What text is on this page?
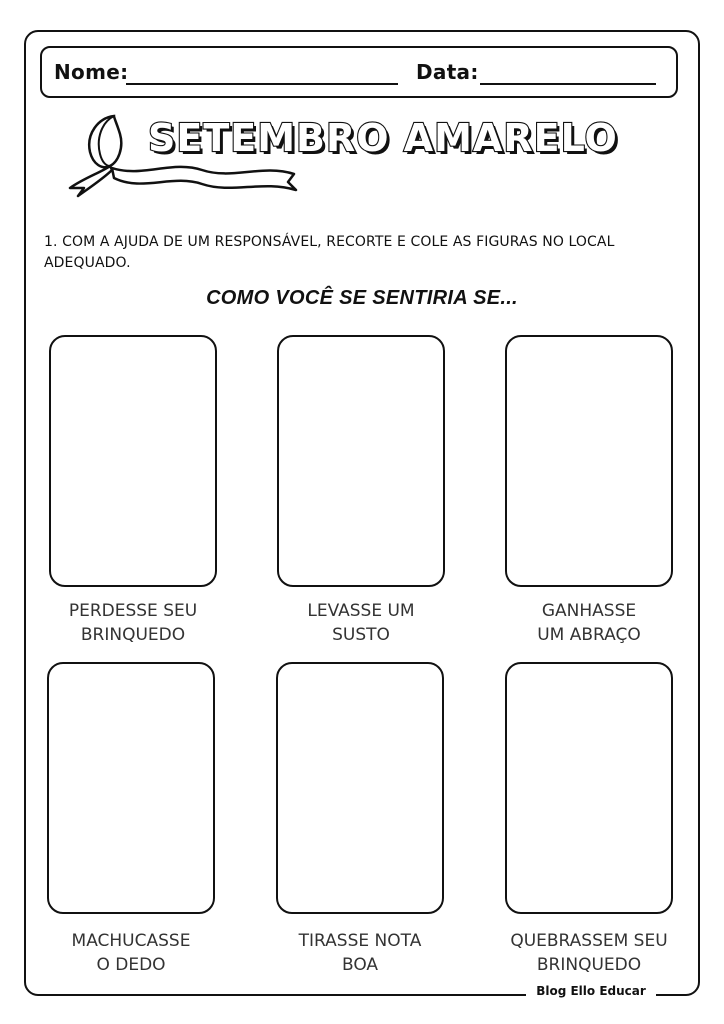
Nome:	Data:
SETEMBRO AMARELO
1. COM A AJUDA DE UM RESPONSÁVEL, RECORTE E COLE AS FIGURAS NO LOCAL ADEQUADO.
COMO VOCÊ SE SENTIRIA SE...
PERDESSE SEU
BRINQUEDO
LEVASSE UM
SUSTO
GANHASSE
UM ABRAÇO
MACHUCASSE
O DEDO
TIRASSE NOTA
BOA
QUEBRASSEM SEU
BRINQUEDO
Blog Ello Educar
